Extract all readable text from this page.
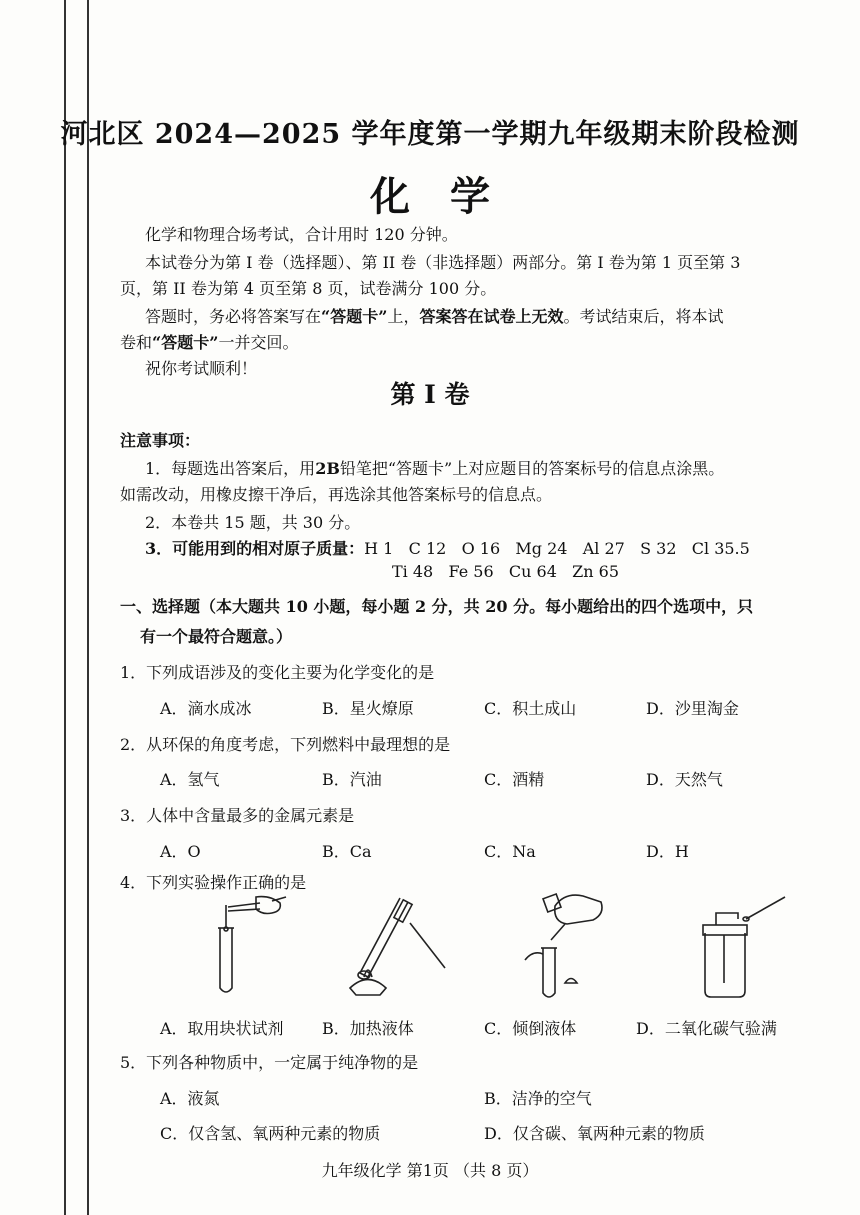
河北区 2024—2025 学年度第一学期九年级期末阶段检测
化学
化学和物理合场考试，合计用时 120 分钟。
本试卷分为第 I 卷（选择题）、第 II 卷（非选择题）两部分。第 I 卷为第 1 页至第 3
页，第 II 卷为第 4 页至第 8 页，试卷满分 100 分。
答题时，务必将答案写在“答题卡”上，答案答在试卷上无效。考试结束后，将本试
卷和“答题卡”一并交回。
祝你考试顺利！
第 I 卷
注意事项：
1．每题选出答案后，用2B铅笔把“答题卡”上对应题目的答案标号的信息点涂黑。
如需改动，用橡皮擦干净后，再选涂其他答案标号的信息点。
2．本卷共 15 题，共 30 分。
3．可能用到的相对原子质量：H 1   C 12   O 16   Mg 24   Al 27   S 32   Cl 35.5
Ti 48   Fe 56   Cu 64   Zn 65
一、选择题（本大题共 10 小题，每小题 2 分，共 20 分。每小题给出的四个选项中，只
有一个最符合题意。）
1．下列成语涉及的变化主要为化学变化的是
A．滴水成冰	B．星火燎原	C．积土成山	D．沙里淘金
2．从环保的角度考虑，下列燃料中最理想的是
A．氢气	B．汽油	C．酒精	D．天然气
3．人体中含量最多的金属元素是
A．O	B．Ca	C．Na	D．H
4．下列实验操作正确的是
A．取用块状试剂 B．加热液体	C．倾倒液体	D．二氧化碳气验满
5．下列各种物质中，一定属于纯净物的是
A．液氮	B．洁净的空气
C．仅含氢、氧两种元素的物质	D．仅含碳、氧两种元素的物质
九年级化学 第1页 （共 8 页）
